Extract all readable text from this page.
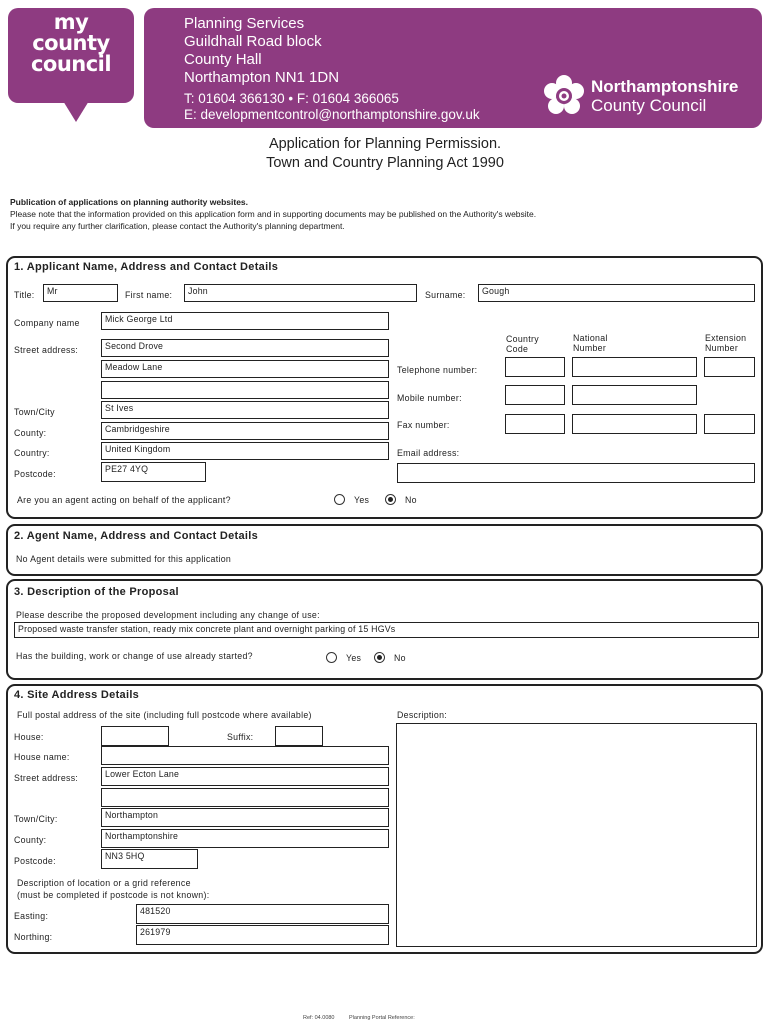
my
county
council
Planning Services
Guildhall Road block
County Hall
Northampton NN1 1DN
T: 01604 366130 • F: 01604 366065
E: developmentcontrol@northamptonshire.gov.uk
Northamptonshire
County Council
Application for Planning Permission.
Town and Country Planning Act 1990
Publication of applications on planning authority websites.
Please note that the information provided on this application form and in supporting documents may be published on the Authority's website.
If you require any further clarification, please contact the Authority's planning department.
1. Applicant Name, Address and Contact Details
Title:	Mr	First name:	John	Surname:	Gough
Company name	Mick George Ltd
Street address:	Second Drove
Meadow Lane
Town/City	St Ives
County:	Cambridgeshire
Country:	United Kingdom
Postcode:	PE27 4YQ
Country
Code
National
Number
Extension
Number
Telephone number:
Mobile number:
Fax number:
Email address:
Are you an agent acting on behalf of the applicant?	Yes	No
2. Agent Name, Address and Contact Details
No Agent details were submitted for this application
3. Description of the Proposal
Please describe the proposed development including any change of use:
Proposed waste transfer station, ready mix concrete plant and overnight parking of 15 HGVs
Has the building, work or change of use already started?	Yes	No
4. Site Address Details
Full postal address of the site (including full postcode where available)	Description:
House:	Suffix:
House name:
Street address:	Lower Ecton Lane
Town/City:	Northampton
County:	Northamptonshire
Postcode:	NN3 5HQ
Description of location or a grid reference
(must be completed if postcode is not known):
Easting:	481520
Northing:	261979
Ref: 04.0080	Planning Portal Reference:
